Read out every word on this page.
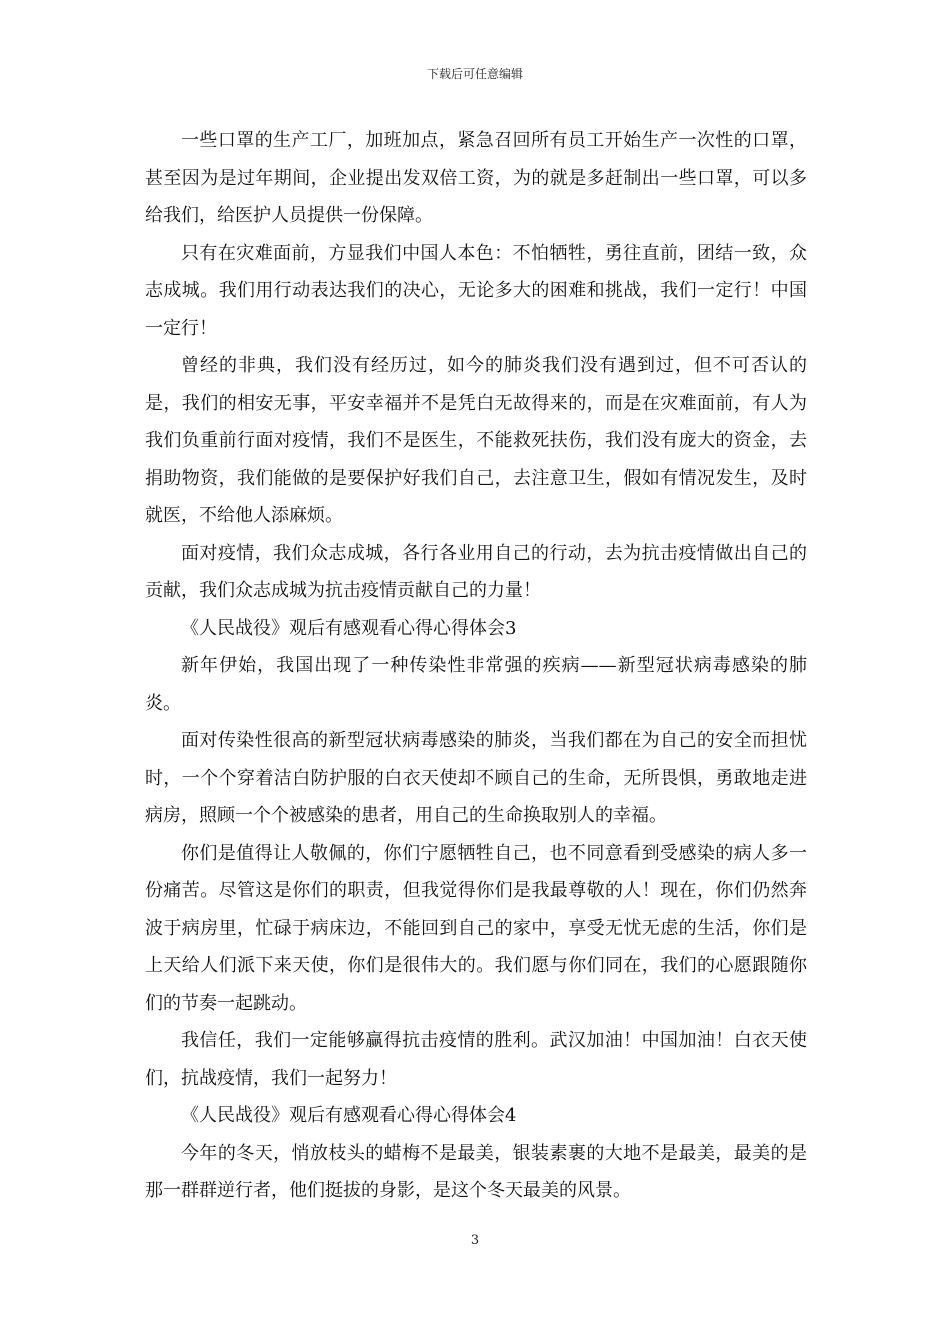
下载后可任意编辑

一些口罩的生产工厂，加班加点，紧急召回所有员工开始生产一次性的口罩，甚至因为是过年期间，企业提出发双倍工资，为的就是多赶制出一些口罩，可以多给我们，给医护人员提供一份保障。

只有在灾难面前，方显我们中国人本色：不怕牺牲，勇往直前，团结一致，众志成城。我们用行动表达我们的决心，无论多大的困难和挑战，我们一定行！中国一定行！

曾经的非典，我们没有经历过，如今的肺炎我们没有遇到过，但不可否认的是，我们的相安无事，平安幸福并不是凭白无故得来的，而是在灾难面前，有人为我们负重前行面对疫情，我们不是医生，不能救死扶伤，我们没有庞大的资金，去捐助物资，我们能做的是要保护好我们自己，去注意卫生，假如有情况发生，及时就医，不给他人添麻烦。

面对疫情，我们众志成城，各行各业用自己的行动，去为抗击疫情做出自己的贡献，我们众志成城为抗击疫情贡献自己的力量！

《人民战役》观后有感观看心得心得体会3

新年伊始，我国出现了一种传染性非常强的疾病——新型冠状病毒感染的肺炎。

面对传染性很高的新型冠状病毒感染的肺炎，当我们都在为自己的安全而担忧时，一个个穿着洁白防护服的白衣天使却不顾自己的生命，无所畏惧，勇敢地走进病房，照顾一个个被感染的患者，用自己的生命换取别人的幸福。

你们是值得让人敬佩的，你们宁愿牺牲自己，也不同意看到受感染的病人多一份痛苦。尽管这是你们的职责，但我觉得你们是我最尊敬的人！现在，你们仍然奔波于病房里，忙碌于病床边，不能回到自己的家中，享受无忧无虑的生活，你们是上天给人们派下来天使，你们是很伟大的。我们愿与你们同在，我们的心愿跟随你们的节奏一起跳动。

我信任，我们一定能够赢得抗击疫情的胜利。武汉加油！中国加油！白衣天使们，抗战疫情，我们一起努力！

《人民战役》观后有感观看心得心得体会4

今年的冬天，悄放枝头的蜡梅不是最美，银装素裹的大地不是最美，最美的是那一群群逆行者，他们挺拔的身影，是这个冬天最美的风景。

3
